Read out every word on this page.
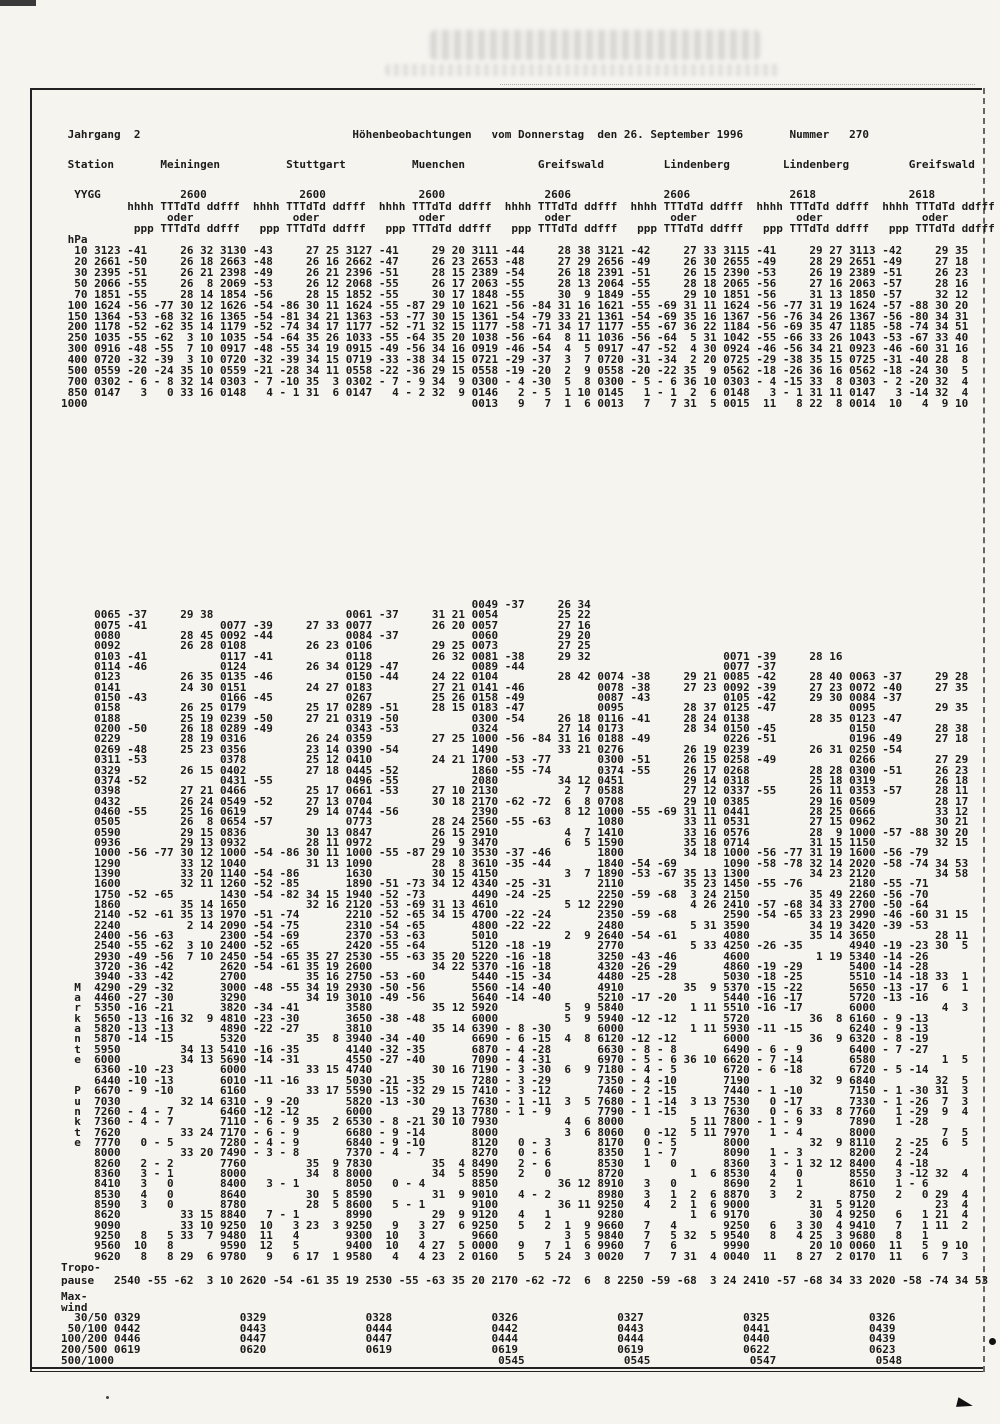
Jahrgang  2                                Höhenbeobachtungen   vom Donnerstag  den 26. September 1996       Nummer   270
Station       Meiningen          Stuttgart          Muenchen           Greifswald         Lindenberg        Lindenberg         Greifswald
YYGG            2600              2600              2600               2606              2606               2618              2618
hhhh TTTdTd ddfff  hhhh TTTdTd ddfff  hhhh TTTdTd ddfff  hhhh TTTdTd ddfff  hhhh TTTdTd ddfff  hhhh TTTdTd ddfff  hhhh TTTdTd ddfff
oder               oder               oder               oder               oder               oder               oder
ppp TTTdTd ddfff   ppp TTTdTd ddfff   ppp TTTdTd ddfff   ppp TTTdTd ddfff   ppp TTTdTd ddfff   ppp TTTdTd ddfff   ppp TTTdTd ddfff
hPa
10 3123 -41     26 32 3130 -43     27 25 3127 -41     29 20 3111 -44     28 38 3121 -42     27 33 3115 -41     29 27 3113 -42     29 35
20 2661 -50     26 18 2663 -48     26 16 2662 -47     26 23 2653 -48     27 29 2656 -49     26 30 2655 -49     28 29 2651 -49     27 18
30 2395 -51     26 21 2398 -49     26 21 2396 -51     28 15 2389 -54     26 18 2391 -51     26 15 2390 -53     26 19 2389 -51     26 23
50 2066 -55     26  8 2069 -53     26 12 2068 -55     26 17 2063 -55     28 13 2064 -55     28 18 2065 -56     27 16 2063 -57     28 16
70 1851 -55     28 14 1854 -56     28 15 1852 -55     30 17 1848 -55     30  9 1849 -55     29 10 1851 -56     31 13 1850 -57     32 12
100 1624 -56 -77 30 12 1626 -54 -86 30 11 1624 -55 -87 29 10 1621 -56 -84 31 16 1621 -55 -69 31 11 1624 -56 -77 31 19 1624 -57 -88 30 20
150 1364 -53 -68 32 16 1365 -54 -81 34 21 1363 -53 -77 30 15 1361 -54 -79 33 21 1361 -54 -69 35 16 1367 -56 -76 34 26 1367 -56 -80 34 31
200 1178 -52 -62 35 14 1179 -52 -74 34 17 1177 -52 -71 32 15 1177 -58 -71 34 17 1177 -55 -67 36 22 1184 -56 -69 35 47 1185 -58 -74 34 51
250 1035 -55 -62  3 10 1035 -54 -64 35 26 1033 -55 -64 35 20 1038 -56 -64  8 11 1036 -56 -64  5 31 1042 -55 -66 33 26 1043 -53 -67 33 40
300 0916 -48 -55  7 10 0917 -48 -55 34 19 0915 -49 -56 34 16 0919 -46 -54  4  5 0917 -47 -52  4 30 0924 -46 -56 34 21 0923 -46 -60 31 16
400 0720 -32 -39  3 10 0720 -32 -39 34 15 0719 -33 -38 34 15 0721 -29 -37  3  7 0720 -31 -34  2 20 0725 -29 -38 35 15 0725 -31 -40 28  8
500 0559 -20 -24 35 10 0559 -21 -28 34 11 0558 -22 -36 29 15 0558 -19 -20  2  9 0558 -20 -22 35  9 0562 -18 -26 36 16 0562 -18 -24 30  5
700 0302 - 6 - 8 32 14 0303 - 7 -10 35  3 0302 - 7 - 9 34  9 0300 - 4 -30  5  8 0300 - 5 - 6 36 10 0303 - 4 -15 33  8 0303 - 2 -20 32  4
850 0147   3   0 33 16 0148   4 - 1 31  6 0147   4 - 2 32  9 0146   2 - 5  1 10 0145   1 - 1  2  6 0148   3 - 1 31 11 0147   3 -14 32  4
1000                                                          0013   9   7  1  6 0013   7   7 31  5 0015  11   8 22  8 0014  10   4  9 10
0049 -37     26 34
0065 -37     29 38                    0061 -37     31 21 0054         25 22
0075 -41           0077 -39     27 33 0077         26 20 0057         27 16
0080         28 45 0092 -44           0084 -37           0060         29 20
0092         26 28 0108         26 23 0106         29 25 0073         27 25
0103 -41           0117 -41           0118         26 32 0081 -38     29 32                    0071 -39     28 16
0114 -46           0124         26 34 0129 -47           0089 -44                              0077 -37
0123         26 35 0135 -46           0150 -44     24 22 0104         28 42 0074 -38     29 21 0085 -42     28 40 0063 -37     29 28
0141         24 30 0151         24 27 0183         27 21 0141 -46           0078 -38     27 23 0092 -39     27 23 0072 -40     27 35
0150 -43           0166 -45           0267         25 26 0158 -49           0087 -43           0105 -42     29 30 0084 -37
0158         26 25 0179         25 17 0289 -51     28 15 0183 -47           0095         28 37 0125 -47           0095         29 35
0188         25 19 0239 -50     27 21 0319 -50           0300 -54     26 18 0116 -41     28 24 0138         28 35 0123 -47
0200 -50     26 18 0289 -49           0343 -53           0324         27 14 0173         28 34 0150 -45           0150         28 38
0229         28 19 0316         26 24 0359         27 25 1000 -56 -84 31 16 0188 -49           0226 -51           0196 -49     27 18
0269 -48     25 23 0356         23 14 0390 -54           1490         33 21 0276         26 19 0239         26 31 0250 -54
0311 -53           0378         25 12 0410         24 21 1700 -53 -77       0300 -51     26 15 0258 -49           0266         27 29
0329         26 15 0402         27 18 0445 -52           1860 -55 -74       0374 -55     26 17 0268         28 28 0300 -51     26 23
0374 -52           0431 -55           0496 -55           2080         34 12 0451         29 14 0318         25 18 0319         26 18
0398         27 21 0466         25 17 0661 -53     27 10 2130          2  7 0588         27 12 0337 -55     26 11 0353 -57     28 11
0432         26 24 0549 -52     27 13 0704         30 18 2170 -62 -72  6  8 0708         29 10 0385         29 16 0509         28 17
0460 -55     25 16 0619         29 14 0744 -56           2390          8 12 1000 -55 -69 31 11 0441         28 25 0666         33 12
0505         26  8 0654 -57           0773         28 24 2560 -55 -63       1080         33 11 0531         27 15 0962         30 21
0590         29 15 0836         30 13 0847         26 15 2910          4  7 1410         33 16 0576         28  9 1000 -57 -88 30 20
0936         29 13 0932         28 11 0972         29  9 3470          6  5 1590         35 18 0714         31 15 1150         32 15
1000 -56 -77 30 12 1000 -54 -86 30 11 1000 -55 -87 29 10 3530 -37 -46       1800         34 18 1000 -56 -77 31 19 1600 -56 -79
1290         33 12 1040         31 13 1090         28  8 3610 -35 -44       1840 -54 -69       1090 -58 -78 32 14 2020 -58 -74 34 53
1390         33 20 1140 -54 -86       1630         30 15 4150          3  7 1890 -53 -67 35 13 1300         34 23 2120         34 58
1600         32 11 1260 -52 -85       1890 -51 -73 34 12 4340 -25 -31       2110         35 23 1450 -55 -76       2180 -55 -71
1750 -52 -65       1430 -54 -82 34 15 1940 -52 -73       4490 -24 -25       2250 -59 -68  3 24 2150         35 49 2260 -56 -70
1860         35 14 1650         32 16 2120 -53 -69 31 13 4610          5 12 2290          4 26 2410 -57 -68 34 33 2700 -50 -64
2140 -52 -61 35 13 1970 -51 -74       2210 -52 -65 34 15 4700 -22 -24       2350 -59 -68       2590 -54 -65 33 23 2990 -46 -60 31 15
2240          2 14 2090 -54 -75       2310 -54 -65       4800 -22 -22       2480          5 31 3590         34 19 3420 -39 -53
2400 -56 -63       2300 -54 -69       2370 -53 -63       5010          2  9 2640 -54 -61       4080         35 14 3650         28 11
2540 -55 -62  3 10 2400 -52 -65       2420 -55 -64       5120 -18 -19       2770          5 33 4250 -26 -35       4940 -19 -23 30  5
2930 -49 -56  7 10 2450 -54 -65 35 27 2530 -55 -63 35 20 5220 -16 -18       3250 -43 -46       4600          1 19 5340 -14 -26
3720 -36 -42       2620 -54 -61 35 19 2600         34 22 5370 -16 -18       4320 -26 -29       4860 -19 -29       5400 -14 -28
3940 -33 -42       2700         35 16 2750 -53 -60       5440 -15 -34       4480 -25 -28       5030 -18 -25       5510 -14 -18 33  1
M  4290 -29 -32       3000 -48 -55 34 19 2930 -50 -56       5560 -14 -40       4910         35  9 5370 -15 -22       5650 -13 -17  6  1
a  4460 -27 -30       3290         34 19 3010 -49 -56       5640 -14 -40       5210 -17 -20       5440 -16 -17       5720 -13 -16
r  5350 -16 -21       3820 -34 -41       3580         35 12 5920          5  9 5840          1 11 5510 -16 -17       6000          4  3
k  5650 -13 -16 32  9 4810 -23 -30       3650 -38 -48       6000          5  9 5940 -12 -12       5720         36  8 6160 - 9 -13
a  5820 -13 -13       4890 -22 -27       3810         35 14 6390 - 8 -30       6000          1 11 5930 -11 -15       6240 - 9 -13
n  5870 -14 -15       5320         35  8 3940 -34 -40       6690 - 6 -15  4  8 6120 -12 -12       6000         36  9 6320 - 8 -19
t  5950         34 13 5410 -16 -35       4140 -32 -35       6870 - 4 -28       6630 - 8 - 8       6490 - 6 - 9       6400 - 7 -27
e  6000         34 13 5690 -14 -31       4550 -27 -40       7090 - 4 -31       6970 - 5 - 6 36 10 6620 - 7 -14       6580          1  5
6360 -10 -23       6000         33 15 4740         30 16 7190 - 3 -30  6  9 7180 - 4 - 5       6720 - 6 -18       6720 - 5 -14
6440 -10 -13       6010 -11 -16       5030 -21 -35       7280 - 3 -29       7350 - 4 -10       7190         32  9 6840         32  5
P  6670 - 9 -10       6160         33 17 5590 -15 -32 29 15 7410 - 3 -12       7460 - 2 -15       7440 - 1 -10       7150 - 1 -30 31  3
u  7030         32 14 6310 - 9 -20       5820 -13 -30       7630 - 1 -11  3  5 7680 - 1 -14  3 13 7530   0 -17       7330 - 1 -26  7  3
n  7260 - 4 - 7       6460 -12 -12       6000         29 13 7780 - 1 - 9       7790 - 1 -15       7630   0 - 6 33  8 7760   1 -29  9  4
k  7360 - 4 - 7       7110 - 6 - 9 35  2 6530 - 8 -21 30 10 7930          4  6 8000          5 11 7800 - 1 - 9       7890   1 -28
t  7620         33 24 7170 - 6 - 9       6680 - 9 -14       8000          3  6 8060   0 -12  5 11 7970   1 - 4       8000          7  5
e  7770   0 - 5       7280 - 4 - 9       6840 - 9 -10       8120   0 - 3       8170   0 - 5       8000         32  9 8110   2 -25  6  5
8000         33 20 7490 - 3 - 8       7370 - 4 - 7       8270   0 - 6       8350   1 - 7       8090   1 - 3       8200   2 -24
8260   2 - 2       7760         35  9 7830         35  4 8490   2 - 6       8530   1   0       8360   3 - 1 32 12 8400   4 -18
8360   3 - 1       8000         34  8 8000         34  5 8590   2   0       8720          1  6 8530   4   0       8550   3 -12 32  4
8410   3   0       8400   3 - 1       8050   0 - 4       8850         36 12 8910   3   0       8690   2   1       8610   1 - 6
8530   4   0       8640         30  5 8590         31  9 9010   4 - 2       8980   3   1  2  6 8870   3   2       8750   2   0 29  4
8590   3   0       8780         28  5 8600   5 - 1       9100         36 11 9250   4   2  1  6 9000         31  5 9120         23  4
8620         33 15 8840   7 - 1       8990         29  9 9120   4   1       9280          1  6 9170         30  4 9250   6   1 21  4
9090         33 10 9250  10   3 23  3 9250   9   3 27  6 9250   5   2  1  9 9660   7   4       9250   6   3 30  4 9410   7   1 11  2
9250   8   5 33  7 9480  11   4       9300  10   3       9660          3  5 9840   7   5 32  5 9540   8   4 25  3 9680   8   1
9560  10   8       9590  12   5       9400  10   4 27  5 0000   9   7  1  6 9960   7   6       9990         20 10 0060  11   5  9 10
9620   8   8 29  6 9780   9   6 17  1 9580   4   4 23  2 0160   5   5 24  3 0020   7   7 31  4 0040  11   8 27  2 0170  11   6  7  3
Tropo-
pause   2540 -55 -62  3 10 2620 -54 -61 35 19 2530 -55 -63 35 20 2170 -62 -72  6  8 2250 -59 -68  3 24 2410 -57 -68 34 33 2020 -58 -74 34 53
Max-
wind
30/50 0329               0329               0328               0326               0327               0325               0326
50/100 0442               0443               0444               0442               0443               0441               0439
100/200 0446               0447               0447               0444               0444               0440               0439
200/500 0619               0620               0619               0619               0619               0622               0623
500/1000                                                          0545               0545               0547               0548
